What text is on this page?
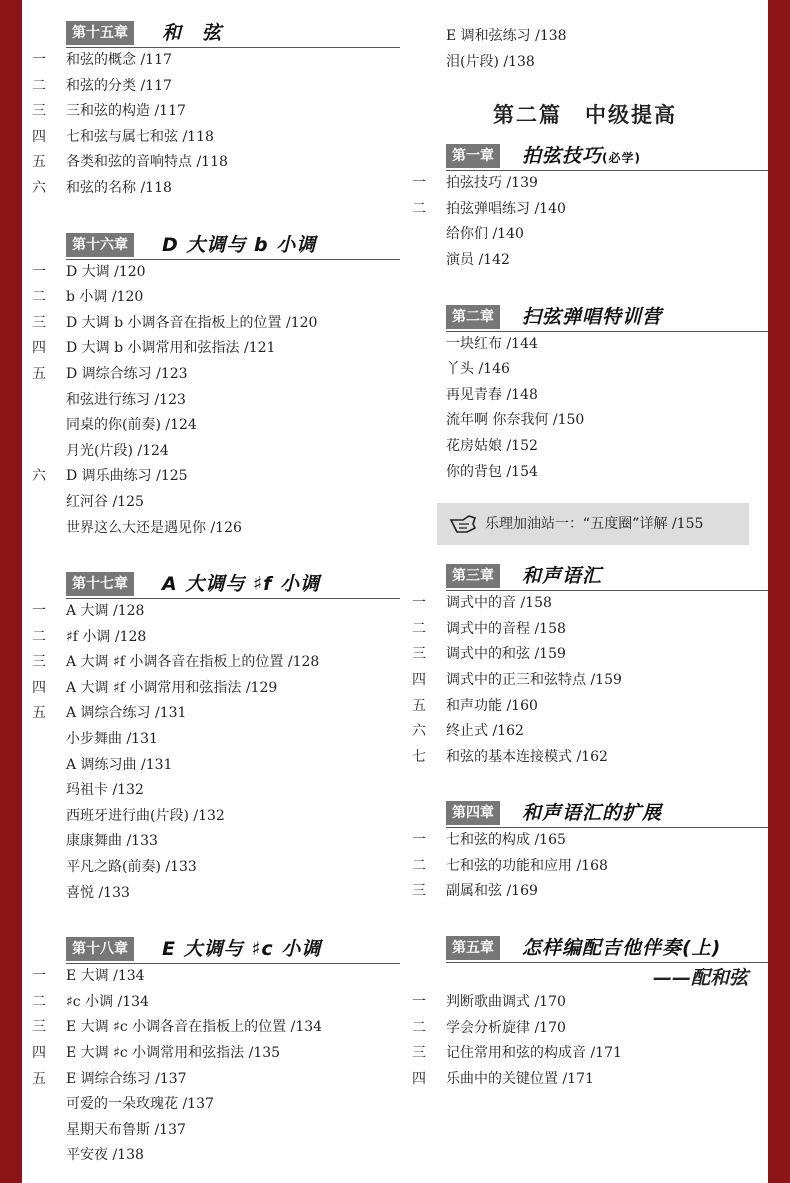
第十五章	和　弦
一	和弦的概念 /117
二	和弦的分类 /117
三	三和弦的构造 /117
四	七和弦与属七和弦 /118
五	各类和弦的音响特点 /118
六	和弦的名称 /118
第十六章	D 大调与 b 小调
一	D 大调 /120
二	b 小调 /120
三	D 大调 b 小调各音在指板上的位置 /120
四	D 大调 b 小调常用和弦指法 /121
五	D 调综合练习 /123
和弦进行练习 /123
同桌的你(前奏) /124
月光(片段) /124
六	D 调乐曲练习 /125
红河谷 /125
世界这么大还是遇见你 /126
第十七章	A 大调与 ♯f 小调
一	A 大调 /128
二	♯f 小调 /128
三	A 大调 ♯f 小调各音在指板上的位置 /128
四	A 大调 ♯f 小调常用和弦指法 /129
五	A 调综合练习 /131
小步舞曲 /131
A 调练习曲 /131
玛祖卡 /132
西班牙进行曲(片段) /132
康康舞曲 /133
平凡之路(前奏) /133
喜悦 /133
第十八章	E 大调与 ♯c 小调
一	E 大调 /134
二	♯c 小调 /134
三	E 大调 ♯c 小调各音在指板上的位置 /134
四	E 大调 ♯c 小调常用和弦指法 /135
五	E 调综合练习 /137
可爱的一朵玫瑰花 /137
星期天布鲁斯 /137
平安夜 /138
E 调和弦练习 /138
泪(片段) /138
第二篇　中级提高
第一章	拍弦技巧(必学)
一	拍弦技巧 /139
二	拍弦弹唱练习 /140
给你们 /140
演员 /142
第二章	扫弦弹唱特训营
一块红布 /144
丫头 /146
再见青春 /148
流年啊 你奈我何 /150
花房姑娘 /152
你的背包 /154
乐理加油站一：“五度圈”详解 /155
第三章	和声语汇
一	调式中的音 /158
二	调式中的音程 /158
三	调式中的和弦 /159
四	调式中的正三和弦特点 /159
五	和声功能 /160
六	终止式 /162
七	和弦的基本连接模式 /162
第四章	和声语汇的扩展
一	七和弦的构成 /165
二	七和弦的功能和应用 /168
三	副属和弦 /169
第五章	怎样编配吉他伴奏(上)
——配和弦
一	判断歌曲调式 /170
二	学会分析旋律 /170
三	记住常用和弦的构成音 /171
四	乐曲中的关键位置 /171
